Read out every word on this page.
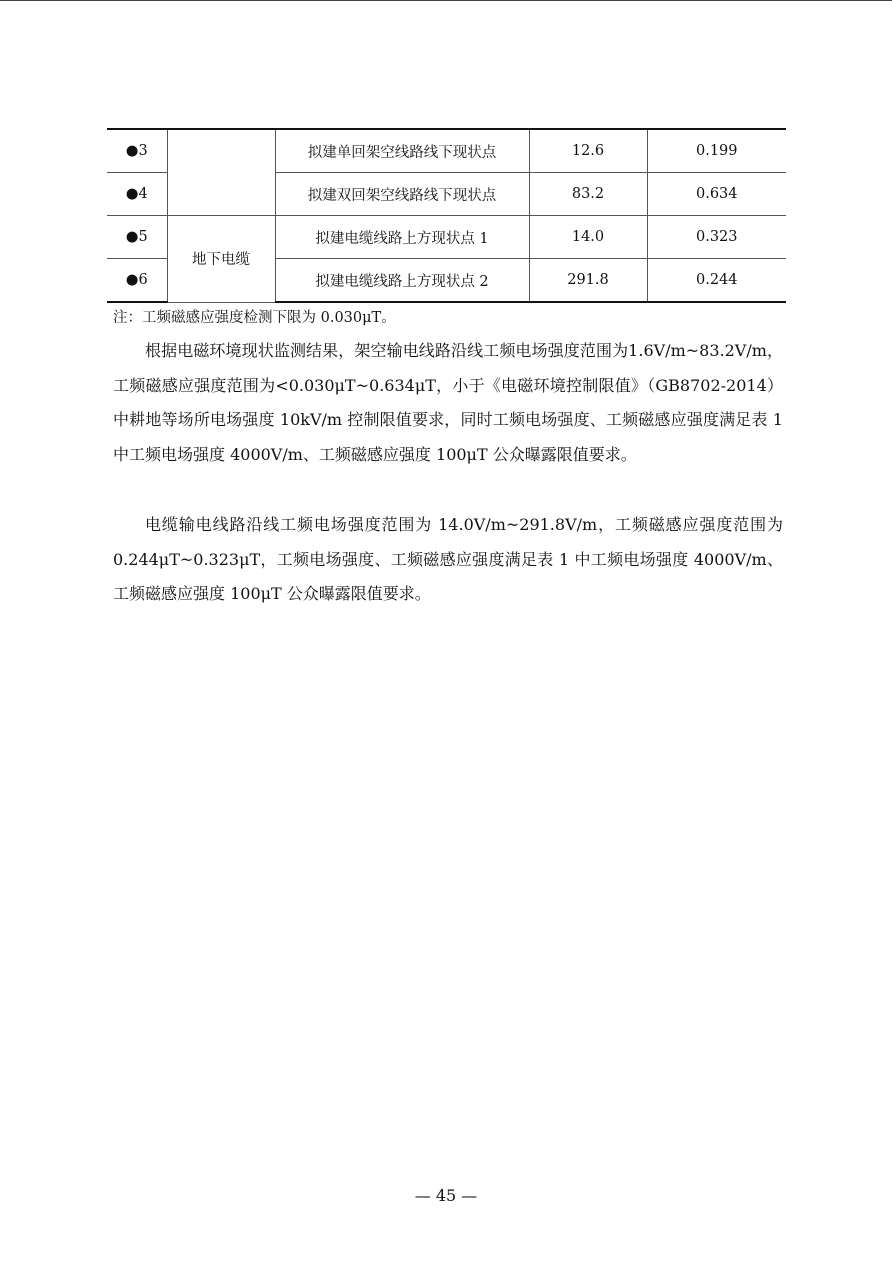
●3		拟建单回架空线路线下现状点	12.6	0.199
●4		拟建双回架空线路线下现状点	83.2	0.634
●5	地下电缆	拟建电缆线路上方现状点 1	14.0	0.323
●6		拟建电缆线路上方现状点 2	291.8	0.244
注：工频磁感应强度检测下限为 0.030μT。

根据电磁环境现状监测结果，架空输电线路沿线工频电场强度范围为1.6V/m~83.2V/m，工频磁感应强度范围为<0.030μT~0.634μT，小于《电磁环境控制限值》（GB8702-2014）中耕地等场所电场强度 10kV/m 控制限值要求，同时工频电场强度、工频磁感应强度满足表 1 中工频电场强度 4000V/m、工频磁感应强度 100μT 公众曝露限值要求。

电缆输电线路沿线工频电场强度范围为 14.0V/m~291.8V/m，工频磁感应强度范围为 0.244μT~0.323μT，工频电场强度、工频磁感应强度满足表 1 中工频电场强度 4000V/m、工频磁感应强度 100μT 公众曝露限值要求。

— 45 —
